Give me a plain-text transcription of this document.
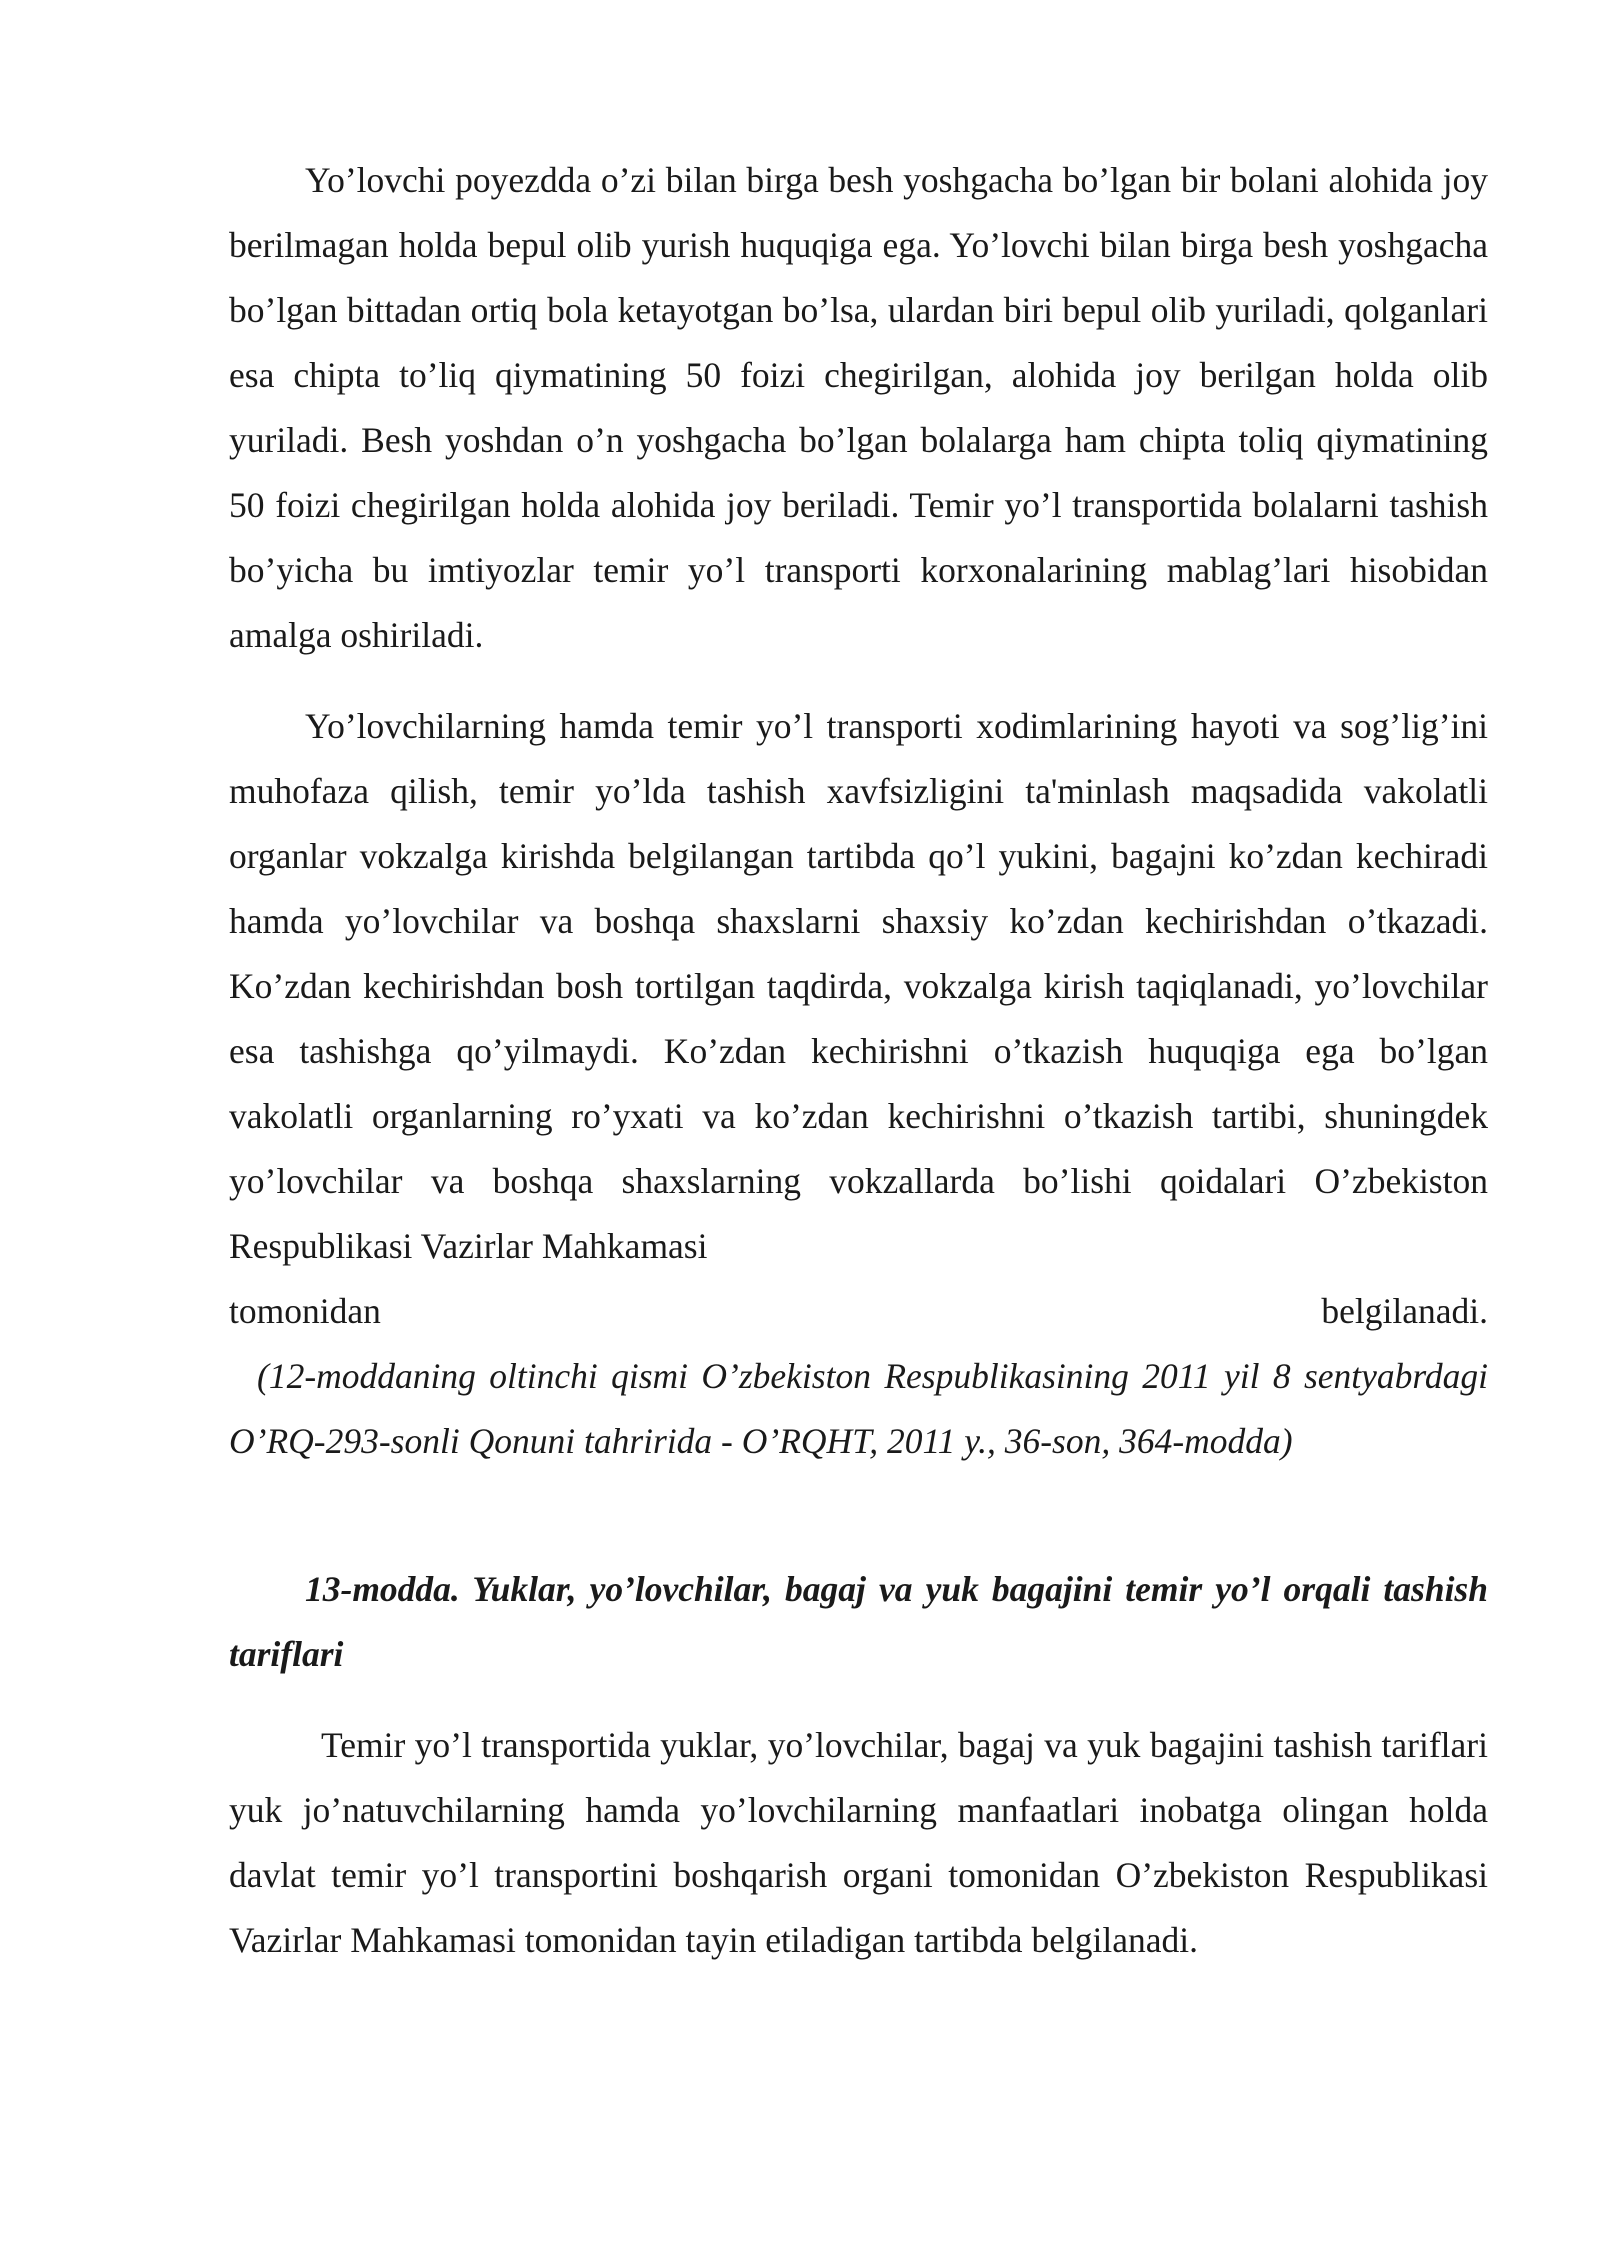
Yo’lovchi poyezdda o’zi bilan birga besh yoshgacha bo’lgan bir bolani alohida joy berilmagan holda bepul olib yurish huquqiga ega. Yo’lovchi bilan birga besh yoshgacha bo’lgan bittadan ortiq bola ketayotgan bo’lsa, ulardan biri bepul olib yuriladi, qolganlari esa chipta to’liq qiymatining 50 foizi chegirilgan, alohida joy berilgan holda olib yuriladi. Besh yoshdan o’n yoshgacha bo’lgan bolalarga ham chipta toliq qiymatining 50 foizi chegirilgan holda alohida joy beriladi. Temir yo’l transportida bolalarni tashish bo’yicha bu imtiyozlar temir yo’l transporti korxonalarining mablag’lari hisobidan amalga oshiriladi.

Yo’lovchilarning hamda temir yo’l transporti xodimlarining hayoti va sog’lig’ini muhofaza qilish, temir yo’lda tashish xavfsizligini ta'minlash maqsadida vakolatli organlar vokzalga kirishda belgilangan tartibda qo’l yukini, bagajni ko’zdan kechiradi hamda yo’lovchilar va boshqa shaxslarni shaxsiy ko’zdan kechirishdan o’tkazadi. Ko’zdan kechirishdan bosh tortilgan taqdirda, vokzalga kirish taqiqlanadi, yo’lovchilar esa tashishga qo’yilmaydi. Ko’zdan kechirishni o’tkazish huquqiga ega bo’lgan vakolatli organlarning ro’yxati va ko’zdan kechirishni o’tkazish tartibi, shuningdek yo’lovchilar va boshqa shaxslarning vokzallarda bo’lishi qoidalari O’zbekiston Respublikasi Vazirlar Mahkamasi

tomonidan	belgilanadi.

(12-moddaning oltinchi qismi O’zbekiston Respublikasining 2011 yil 8 sentyabrdagi O’RQ-293-sonli Qonuni tahririda - O’RQHT, 2011 y., 36-son, 364-modda)

13-modda. Yuklar, yo’lovchilar, bagaj va yuk bagajini temir yo’l orqali tashish tariflari

Temir yo’l transportida yuklar, yo’lovchilar, bagaj va yuk bagajini tashish tariflari yuk jo’natuvchilarning hamda yo’lovchilarning manfaatlari inobatga olingan holda davlat temir yo’l transportini boshqarish organi tomonidan O’zbekiston Respublikasi Vazirlar Mahkamasi tomonidan tayin etiladigan tartibda belgilanadi.
